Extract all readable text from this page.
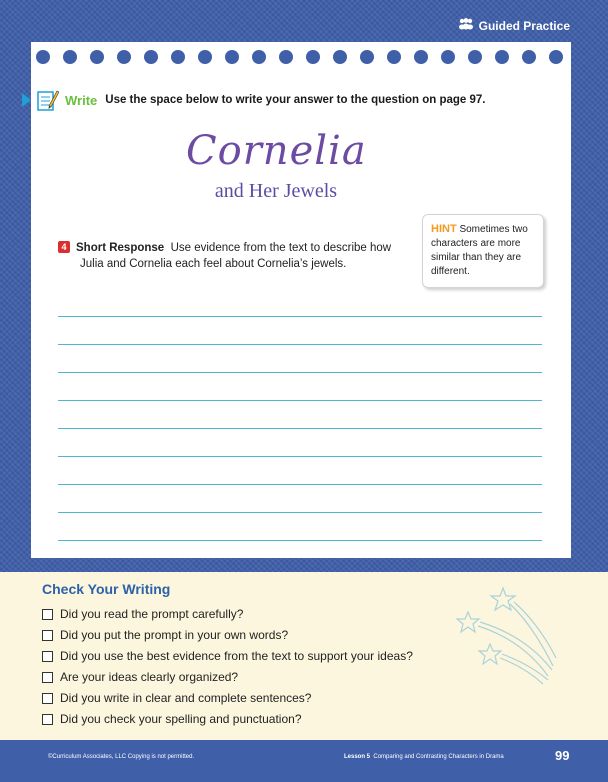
Guided Practice
Write Use the space below to write your answer to the question on page 97.
Cornelia
and Her Jewels
4 Short Response Use evidence from the text to describe how
Julia and Cornelia each feel about Cornelia’s jewels.
HINT Sometimes two characters are more similar than they are different.
Check Your Writing
Did you read the prompt carefully?
Did you put the prompt in your own words?
Did you use the best evidence from the text to support your ideas?
Are your ideas clearly organized?
Did you write in clear and complete sentences?
Did you check your spelling and punctuation?
©Curriculum Associates, LLC Copying is not permitted.	Lesson 5 Comparing and Contrasting Characters in Drama	99
